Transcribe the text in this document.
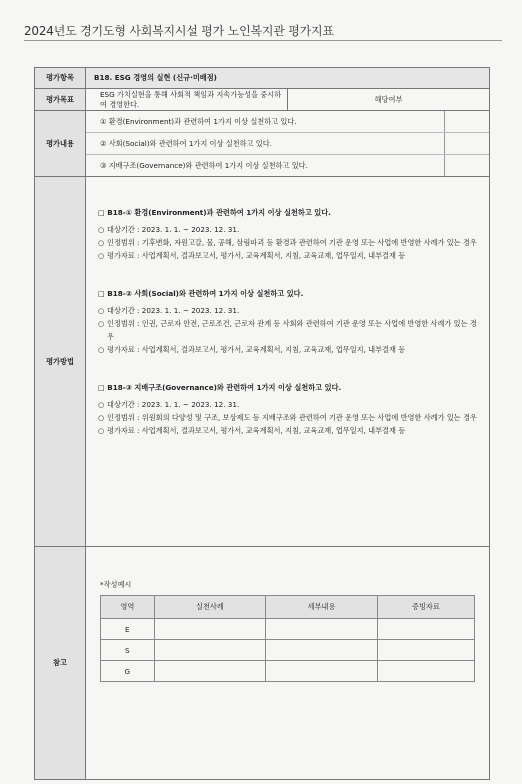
2024년도 경기도형 사회복지시설 평가 노인복지관 평가지표
평가항목	B18. ESG 경영의 실현 (신규·미배점)
평가목표	ESG 가치실현을 통해 사회적 책임과 지속가능성을 중시하여 경영한다.	해당여부
평가내용	
① 환경(Environment)과 관련하여 1가지 이상 실천하고 있다.
② 사회(Social)와 관련하여 1가지 이상 실천하고 있다.
③ 지배구조(Governance)와 관련하여 1가지 이상 실천하고 있다.

평가방법	
□ B18-① 환경(Environment)과 관련하여 1가지 이상 실천하고 있다.
○ 대상기간 : 2023. 1. 1. ~ 2023. 12. 31.
○ 인정범위 : 기후변화, 자원고갈, 물, 공해, 삼림파괴 등 환경과 관련하여 기관 운영 또는 사업에 반영한 사례가 있는 경우
○ 평가자료 : 사업계획서, 결과보고서, 평가서, 교육계획서, 지침, 교육교재, 업무일지, 내부결재 등
□ B18-② 사회(Social)와 관련하여 1가지 이상 실천하고 있다.
○ 대상기간 : 2023. 1. 1. ~ 2023. 12. 31.
○ 인정범위 : 인권, 근로자 안전, 근로조건, 근로자 관계 등 사회와 관련하여 기관 운영 또는 사업에 반영한 사례가 있는 경우
○ 평가자료 : 사업계획서, 결과보고서, 평가서, 교육계획서, 지침, 교육교재, 업무일지, 내부결재 등
□ B18-③ 지배구조(Governance)와 관련하여 1가지 이상 실천하고 있다.
○ 대상기간 : 2023. 1. 1. ~ 2023. 12. 31.
○ 인정범위 : 위원회의 다양성 및 구조, 보상제도 등 지배구조와 관련하여 기관 운영 또는 사업에 반영한 사례가 있는 경우
○ 평가자료 : 사업계획서, 결과보고서, 평가서, 교육계획서, 지침, 교육교재, 업무일지, 내부결재 등

참고	
*작성예시
영역	실천사례	세부내용	증빙자료
E			
S			
G			
